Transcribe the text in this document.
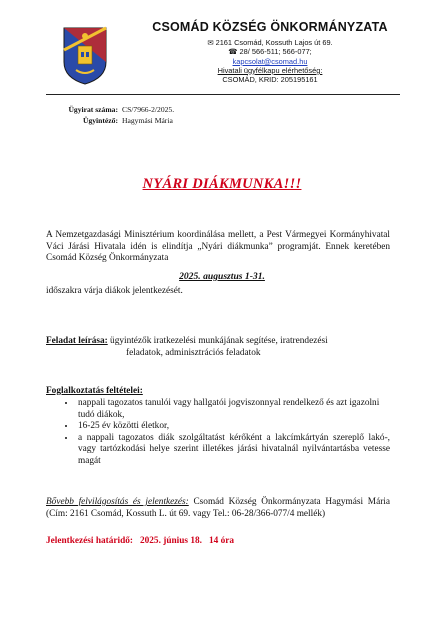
CSOMÁD KÖZSÉG ÖNKORMÁNYZATA
✉ 2161 Csomád, Kossuth Lajos út 69.
☎ 28/ 566-511; 566-077;
kapcsolat@csomad.hu
Hivatali ügyfélkapu elérhetőség:
CSOMÁD, KRID: 205195161
Ügyirat száma: CS/7966-2/2025.
Ügyintéző: Hagymási Mária
NYÁRI DIÁKMUNKA!!!
A Nemzetgazdasági Minisztérium koordinálása mellett, a Pest Vármegyei Kormányhivatal Váci Járási Hivatala idén is elindítja „Nyári diákmunka” programját. Ennek keretében Csomád Község Önkormányzata
2025. augusztus 1-31.
időszakra várja diákok jelentkezését.
Feladat leírása: ügyintézők iratkezelési munkájának segítése, iratrendezési
feladatok, adminisztrációs feladatok
Foglalkoztatás feltételei:
• nappali tagozatos tanulói vagy hallgatói jogviszonnyal rendelkező és azt igazolni tudó diákok,
• 16-25 év közötti életkor,
• a nappali tagozatos diák szolgáltatást kérőként a lakcímkártyán szereplő lakó-, vagy tartózkodási helye szerint illetékes járási hivatalnál nyilvántartásba vetesse magát
Bővebb felvilágosítás és jelentkezés: Csomád Község Önkormányzata Hagymási Mária (Cím: 2161 Csomád, Kossuth L. út 69. vagy Tel.: 06-28/366-077/4 mellék)
Jelentkezési határidő:   2025. június 18.   14 óra
